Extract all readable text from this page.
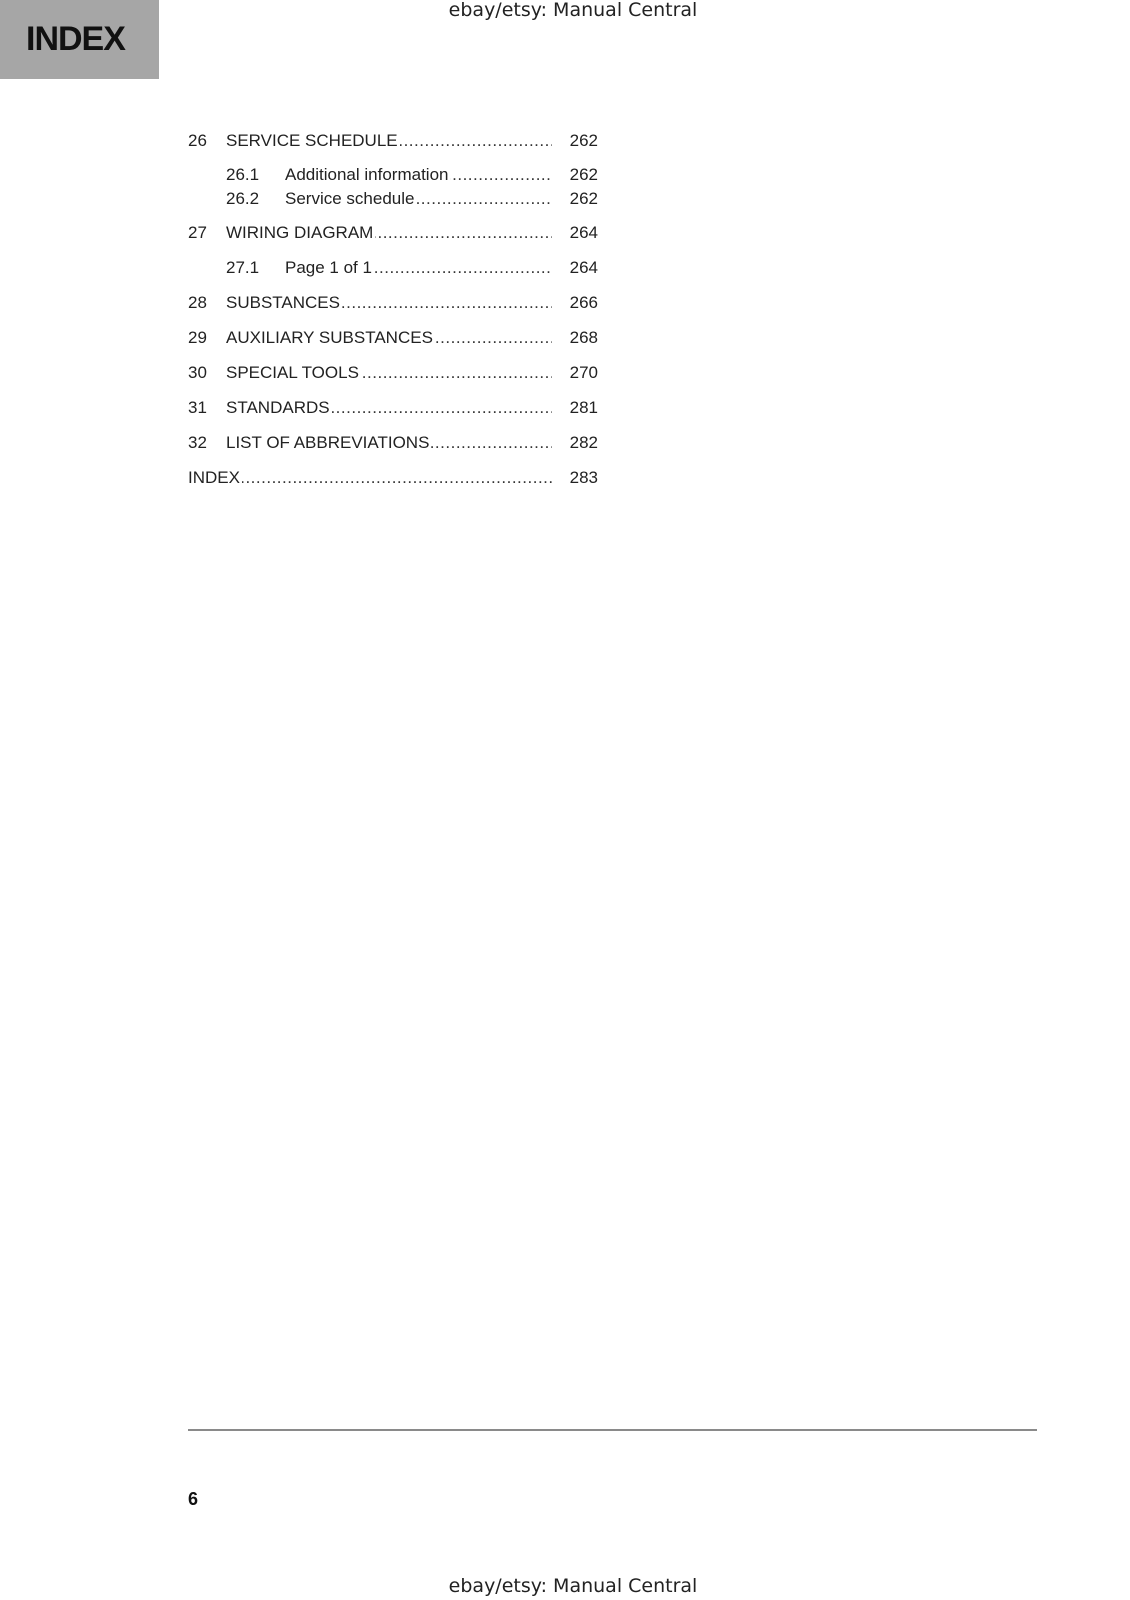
INDEX
ebay/etsy: Manual Central
26 SERVICE SCHEDULE .....	262
26.1 Additional information .....	262
26.2 Service schedule .....	262
27 WIRING DIAGRAM .....	264
27.1 Page 1 of 1 .....	264
28 SUBSTANCES .....	266
29 AUXILIARY SUBSTANCES .....	268
30 SPECIAL TOOLS .....	270
31 STANDARDS .....	281
32 LIST OF ABBREVIATIONS .....	282
INDEX .....	283
6
ebay/etsy: Manual Central
